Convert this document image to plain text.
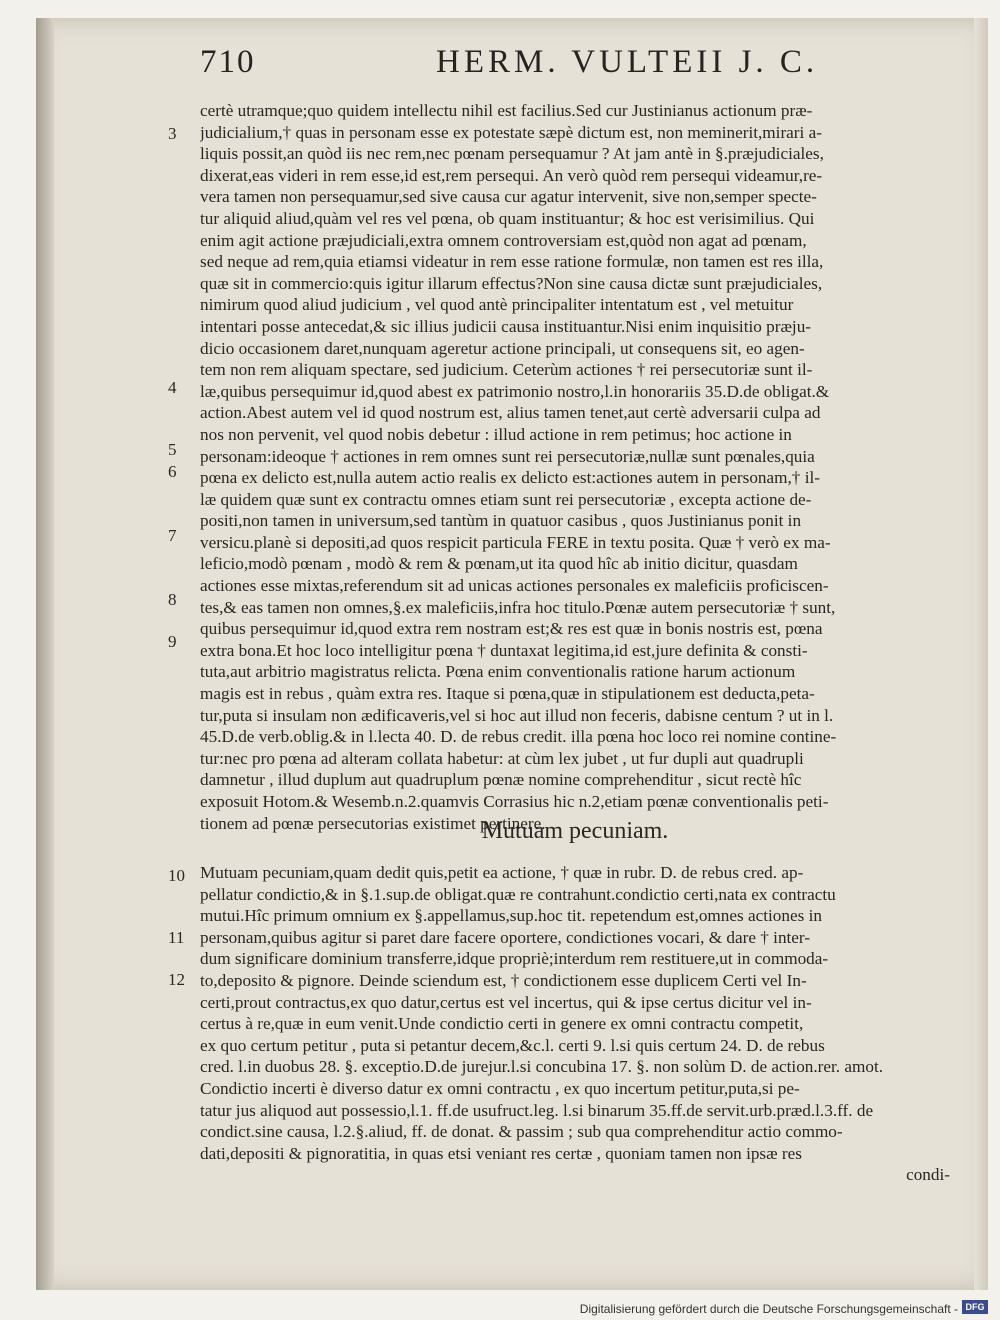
710	HERM. VULTEII J. C.
3
4
5
6
7
8
9
10
11
12
certè utramque;quo quidem intellectu nihil est facilius.Sed cur Justinianus actionum præ-
judicialium,† quas in personam esse ex potestate sæpè dictum est, non meminerit,mirari a-
liquis possit,an quòd iis nec rem,nec pœnam persequamur ? At jam antè in §.præjudiciales,
dixerat,eas videri in rem esse,id est,rem persequi. An verò quòd rem persequi videamur,re-
vera tamen non persequamur,sed sive causa cur agatur intervenit, sive non,semper specte-
tur aliquid aliud,quàm vel res vel pœna, ob quam instituantur; & hoc est verisimilius. Qui
enim agit actione præjudiciali,extra omnem controversiam est,quòd non agat ad pœnam,
sed neque ad rem,quia etiamsi videatur in rem esse ratione formulæ, non tamen est res illa,
quæ sit in commercio:quis igitur illarum effectus?Non sine causa dictæ sunt præjudiciales,
nimirum quod aliud judicium , vel quod antè principaliter intentatum est , vel metuitur
intentari posse antecedat,& sic illius judicii causa instituantur.Nisi enim inquisitio præju-
dicio occasionem daret,nunquam ageretur actione principali, ut consequens sit, eo agen-
tem non rem aliquam spectare, sed judicium. Ceterùm actiones † rei persecutoriæ sunt il-
læ,quibus persequimur id,quod abest ex patrimonio nostro,l.in honorariis 35.D.de obligat.&
action.Abest autem vel id quod nostrum est, alius tamen tenet,aut certè adversarii culpa ad
nos non pervenit, vel quod nobis debetur : illud actione in rem petimus; hoc actione in
personam:ideoque † actiones in rem omnes sunt rei persecutoriæ,nullæ sunt pœnales,quia
pœna ex delicto est,nulla autem actio realis ex delicto est:actiones autem in personam,† il-
læ quidem quæ sunt ex contractu omnes etiam sunt rei persecutoriæ , excepta actione de-
positi,non tamen in universum,sed tantùm in quatuor casibus , quos Justinianus ponit in
versicu.planè si depositi,ad quos respicit particula FERE in textu posita. Quæ † verò ex ma-
leficio,modò pœnam , modò & rem & pœnam,ut ita quod hîc ab initio dicitur, quasdam
actiones esse mixtas,referendum sit ad unicas actiones personales ex maleficiis proficiscen-
tes,& eas tamen non omnes,§.ex maleficiis,infra hoc titulo.Pœnæ autem persecutoriæ † sunt,
quibus persequimur id,quod extra rem nostram est;& res est quæ in bonis nostris est, pœna
extra bona.Et hoc loco intelligitur pœna † duntaxat legitima,id est,jure definita & consti-
tuta,aut arbitrio magistratus relicta. Pœna enim conventionalis ratione harum actionum
magis est in rebus , quàm extra res. Itaque si pœna,quæ in stipulationem est deducta,peta-
tur,puta si insulam non ædificaveris,vel si hoc aut illud non feceris, dabisne centum ? ut in l.
45.D.de verb.oblig.& in l.lecta 40. D. de rebus credit. illa pœna hoc loco rei nomine contine-
tur:nec pro pœna ad alteram collata habetur: at cùm lex jubet , ut fur dupli aut quadrupli
damnetur , illud duplum aut quadruplum pœnæ nomine comprehenditur , sicut rectè hîc
exposuit Hotom.& Wesemb.n.2.quamvis Corrasius hic n.2,etiam pœnæ conventionalis peti-
tionem ad pœnæ persecutorias existimet pertinere.
Mutuam pecuniam.
Mutuam pecuniam,quam dedit quis,petit ea actione, † quæ in rubr. D. de rebus cred. ap-
pellatur condictio,& in §.1.sup.de obligat.quæ re contrahunt.condictio certi,nata ex contractu
mutui.Hîc primum omnium ex §.appellamus,sup.hoc tit. repetendum est,omnes actiones in
personam,quibus agitur si paret dare facere oportere, condictiones vocari, & dare † inter-
dum significare dominium transferre,idque propriè;interdum rem restituere,ut in commoda-
to,deposito & pignore. Deinde sciendum est, † condictionem esse duplicem Certi vel In-
certi,prout contractus,ex quo datur,certus est vel incertus, qui & ipse certus dicitur vel in-
certus à re,quæ in eum venit.Unde condictio certi in genere ex omni contractu competit,
ex quo certum petitur , puta si petantur decem,&c.l. certi 9. l.si quis certum 24. D. de rebus
cred. l.in duobus 28. §. exceptio.D.de jurejur.l.si concubina 17. §. non solùm D. de action.rer. amot.
Condictio incerti è diverso datur ex omni contractu , ex quo incertum petitur,puta,si pe-
tatur jus aliquod aut possessio,l.1. ff.de usufruct.leg. l.si binarum 35.ff.de servit.urb.præd.l.3.ff. de
condict.sine causa, l.2.§.aliud, ff. de donat. & passim ; sub qua comprehenditur actio commo-
dati,depositi & pignoratitia, in quas etsi veniant res certæ , quoniam tamen non ipsæ res
condi-
Digitalisierung gefördert durch die Deutsche Forschungsgemeinschaft - DFG
